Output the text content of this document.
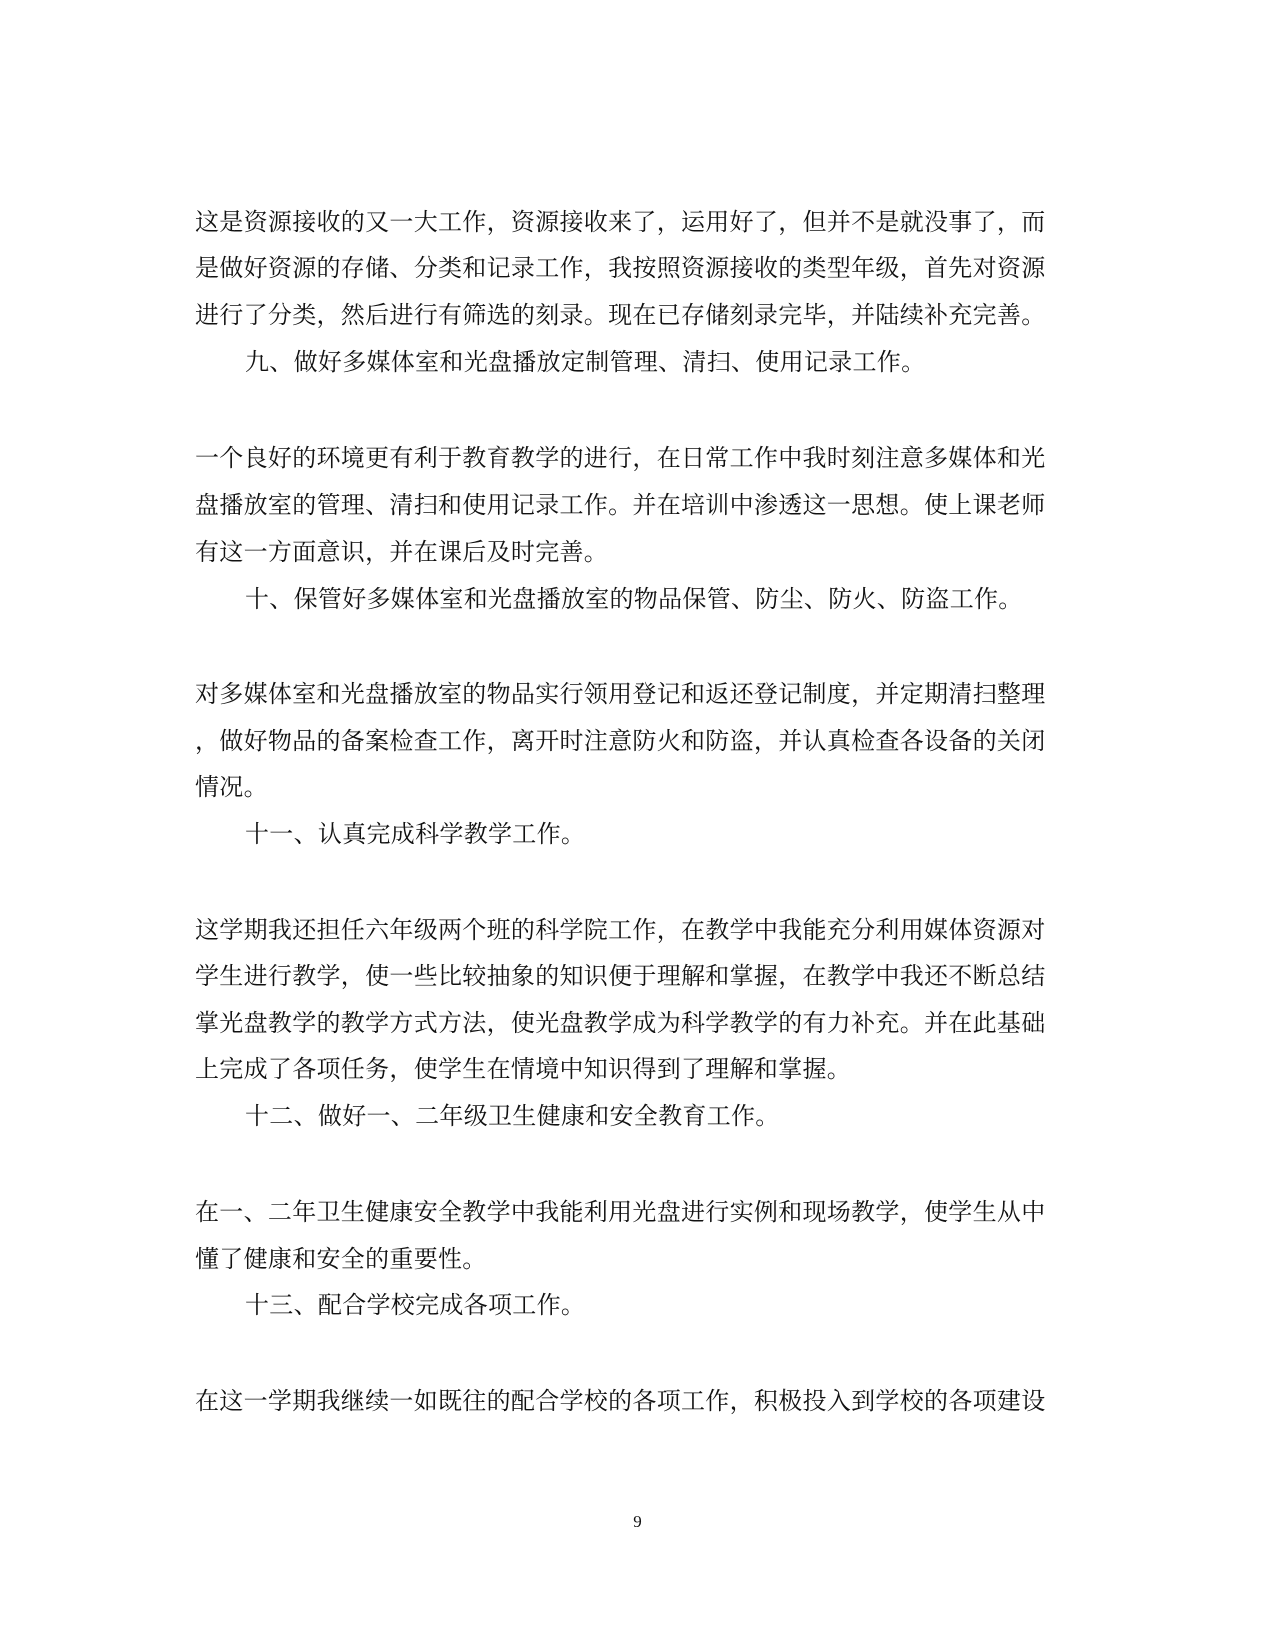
这是资源接收的又一大工作，资源接收来了，运用好了，但并不是就没事了，而

是做好资源的存储、分类和记录工作，我按照资源接收的类型年级，首先对资源

进行了分类，然后进行有筛选的刻录。现在已存储刻录完毕，并陆续补充完善。

九、做好多媒体室和光盘播放定制管理、清扫、使用记录工作。

一个良好的环境更有利于教育教学的进行，在日常工作中我时刻注意多媒体和光

盘播放室的管理、清扫和使用记录工作。并在培训中渗透这一思想。使上课老师

有这一方面意识，并在课后及时完善。

十、保管好多媒体室和光盘播放室的物品保管、防尘、防火、防盗工作。

对多媒体室和光盘播放室的物品实行领用登记和返还登记制度，并定期清扫整理

，做好物品的备案检查工作，离开时注意防火和防盗，并认真检查各设备的关闭

情况。

十一、认真完成科学教学工作。

这学期我还担任六年级两个班的科学院工作，在教学中我能充分利用媒体资源对

学生进行教学，使一些比较抽象的知识便于理解和掌握，在教学中我还不断总结

掌光盘教学的教学方式方法，使光盘教学成为科学教学的有力补充。并在此基础

上完成了各项任务，使学生在情境中知识得到了理解和掌握。

十二、做好一、二年级卫生健康和安全教育工作。

在一、二年卫生健康安全教学中我能利用光盘进行实例和现场教学，使学生从中

懂了健康和安全的重要性。

十三、配合学校完成各项工作。

在这一学期我继续一如既往的配合学校的各项工作，积极投入到学校的各项建设

9
